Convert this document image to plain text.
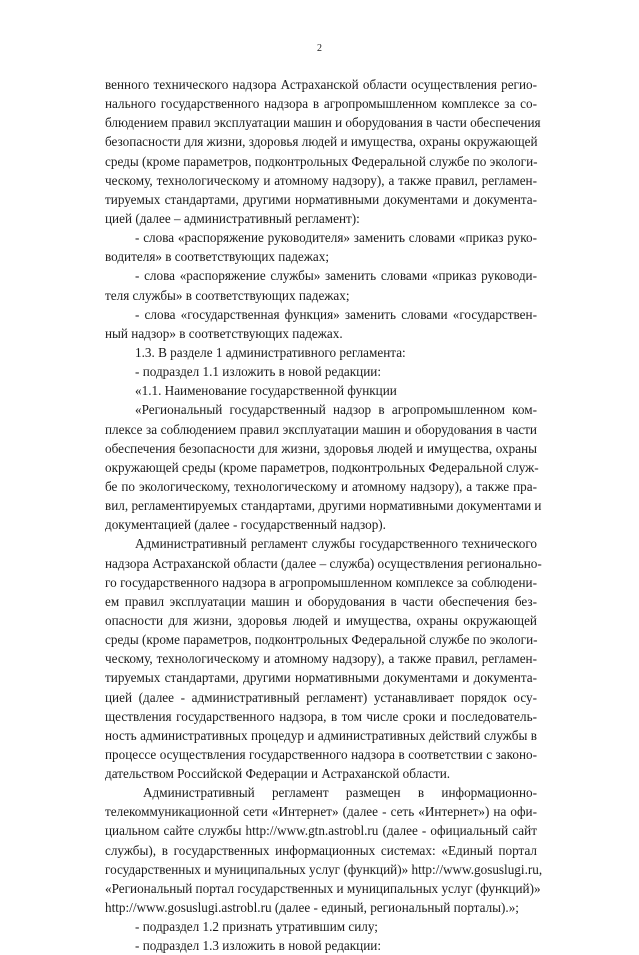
2
венного технического надзора Астраханской области осуществления регио-
нального государственного надзора в агропромышленном комплексе за со-
блюдением правил эксплуатации машин и оборудования в части обеспечения
безопасности для жизни, здоровья людей и имущества, охраны окружающей
среды (кроме параметров, подконтрольных Федеральной службе по экологи-
ческому, технологическому и атомному надзору), а также правил, регламен-
тируемых стандартами, другими нормативными документами и документа-
цией (далее – административный регламент):
- слова «распоряжение руководителя» заменить словами «приказ руко-
водителя» в соответствующих падежах;
- слова «распоряжение службы» заменить словами «приказ руководи-
теля службы» в соответствующих падежах;
- слова «государственная функция» заменить словами «государствен-
ный надзор» в соответствующих падежах.
1.3. В разделе 1 административного регламента:
- подраздел 1.1 изложить в новой редакции:
«1.1. Наименование государственной функции
«Региональный государственный надзор в агропромышленном ком-
плексе за соблюдением правил эксплуатации машин и оборудования в части
обеспечения безопасности для жизни, здоровья людей и имущества, охраны
окружающей среды (кроме параметров, подконтрольных Федеральной служ-
бе по экологическому, технологическому и атомному надзору), а также пра-
вил, регламентируемых стандартами, другими нормативными документами и
документацией (далее - государственный надзор).
Административный регламент службы государственного технического
надзора Астраханской области (далее – служба) осуществления регионально-
го государственного надзора в агропромышленном комплексе за соблюдени-
ем правил эксплуатации машин и оборудования в части обеспечения без-
опасности для жизни, здоровья людей и имущества, охраны окружающей
среды (кроме параметров, подконтрольных Федеральной службе по экологи-
ческому, технологическому и атомному надзору), а также правил, регламен-
тируемых стандартами, другими нормативными документами и документа-
цией (далее - административный регламент) устанавливает порядок осу-
ществления государственного надзора, в том числе сроки и последователь-
ность административных процедур и административных действий службы в
процессе осуществления государственного надзора в соответствии с законо-
дательством Российской Федерации и Астраханской области.
Административный регламент размещен в информационно-
телекоммуникационной сети «Интернет» (далее - сеть «Интернет») на офи-
циальном сайте службы http://www.gtn.astrobl.ru (далее - официальный сайт
службы), в государственных информационных системах: «Единый портал
государственных и муниципальных услуг (функций)» http://www.gosuslugi.ru,
«Региональный портал государственных и муниципальных услуг (функций)»
http://www.gosuslugi.astrobl.ru (далее - единый, региональный порталы).»;
- подраздел 1.2 признать утратившим силу;
- подраздел 1.3 изложить в новой редакции:
